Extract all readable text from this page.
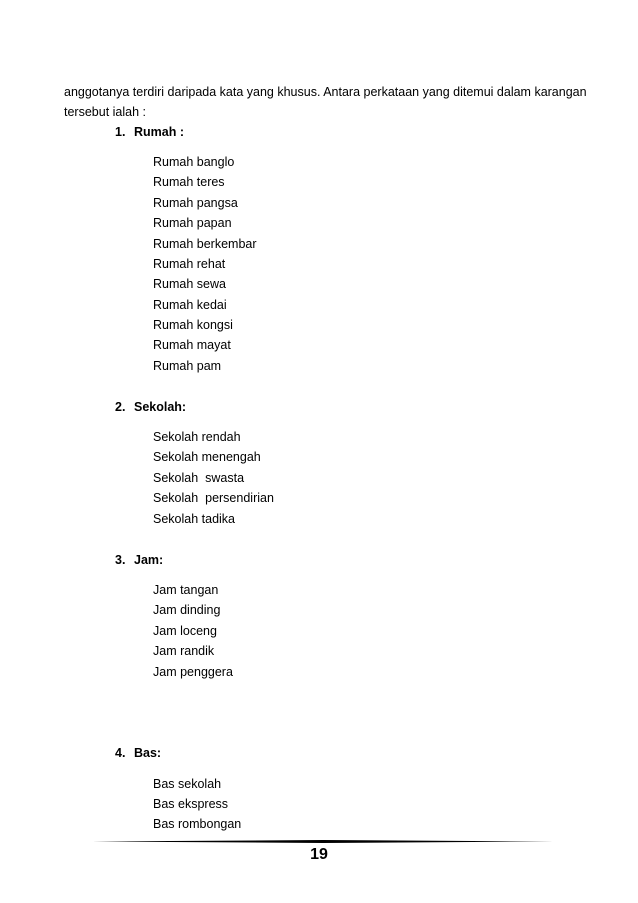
anggotanya terdiri daripada kata yang khusus. Antara perkataan yang ditemui dalam karangan
tersebut ialah :
1. Rumah :
Rumah banglo
Rumah teres
Rumah pangsa
Rumah papan
Rumah berkembar
Rumah rehat
Rumah sewa
Rumah kedai
Rumah kongsi
Rumah mayat
Rumah pam
2. Sekolah:
Sekolah rendah
Sekolah menengah
Sekolah  swasta
Sekolah  persendirian
Sekolah tadika
3. Jam:
Jam tangan
Jam dinding
Jam loceng
Jam randik
Jam penggera
4. Bas:
Bas sekolah
Bas ekspress
Bas rombongan
19
